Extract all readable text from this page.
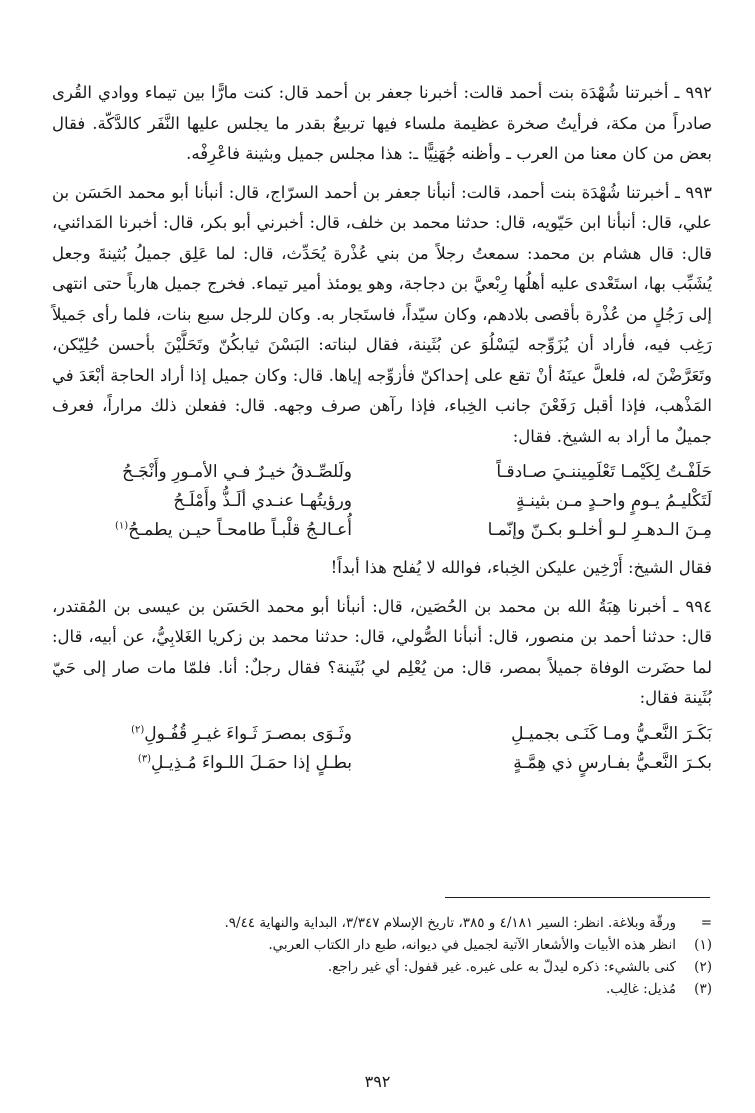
٩٩٢ ـ أخبرتنا شُهْدَة بنت أحمد قالت: أخبرنا جعفر بن أحمد قال: كنت مارًّا بين تيماء ووادي القُرى صادراً من مكة، فرأيتُ صخرة عظيمة ملساء فيها تربيعٌ بقدر ما يجلس عليها النَّفَر كالدَّكّة. فقال بعض من كان معنا من العرب ـ وأظنه جُهَنِيًّا ـ: هذا مجلس جميل وبثينة فاعْرِفْه.

٩٩٣ ـ أخبرتنا شُهْدَة بنت أحمد، قالت: أنبأنا جعفر بن أحمد السرّاج، قال: أنبأنا أبو محمد الحَسَن بن علي، قال: أنبأنا ابن حَيّويه، قال: حدثنا محمد بن خلف، قال: أخبرني أبو بكر، قال: أخبرنا المَدائني، قال: قال هشام بن محمد: سمعتُ رجلاً من بني عُذْرة يُحَدِّث، قال: لما عَلِق جميلُ بُثينةَ وجعل يُشَبِّب بها، استَعْدى عليه أهلُها رِبْعيَّ بن دجاجة، وهو يومئذ أمير تيماء. فخرج جميل هارباً حتى انتهى إلى رَجُلٍ من عُذْرة بأقصى بلادهم، وكان سيّداً، فاستَجار به. وكان للرجل سبع بنات، فلما رأى جَميلاً رَغِب فيه، فأراد أن يُزَوِّجه ليَسْلُوَ عن بُثَينة، فقال لبناته: البَسْنَ ثيابكُنّ وتَحَلَّيْنَ بأحسن حُلِيّكن، وتَعَرَّضْنَ له، فلعلَّ عينَهُ أنْ تقع على إحداكنّ فأزوِّجه إياها. قال: وكان جميل إذا أراد الحاجة أبْعَدَ في المَذْهب، فإذا أقبل رَفَعْنَ جانب الخِباء، فإذا رآهن صرف وجهه. قال: ففعلن ذلك مراراً، فعرف جميلٌ ما أراد به الشيخ. فقال:

حَلَفْـتُ لِكَيْمـا تَعْلَمِيننـيَ صـادقـاً
ولَلصِّـدقُ خيـرٌ فـي الأمـورِ وأَنْجَـحُ
لَتَكْليـمُ يـومٍ واحـدٍ مـن بثينـةٍ
ورؤيتُهـا عنـدي ألَـذُّ وأَمْلَـحُ
مِـنَ الـدهـرِ لـو أخلـو بكـنّ وإنّمـا
أُعـالـجُ قلْبـاً طامحـاً حيـن يطمـحُ$^{(١)}$

فقال الشيخ: أَرْخِين عليكن الخِباء، فوالله لا يُفلح هذا أبداً!

٩٩٤ ـ أخبرنا هِبَةُ الله بن محمد بن الحُصَين، قال: أنبأنا أبو محمد الحَسَن بن عيسى بن المُقتدر، قال: حدثنا أحمد بن منصور، قال: أنبأنا الصُّولي، قال: حدثنا محمد بن زكريا الغَلابِيُّ، عن أبيه، قال: لما حضَرت الوفاة جميلاً بمصر، قال: من يُعْلِم لي بُثَينة؟ فقال رجلٌ: أنا. فلمّا مات صار إلى حَيّ بُثَينة فقال:

بَكَـرَ النَّعـيُّ ومـا كَنَـى بجميـلِ
وثَـوَى بمصـرَ ثَـواءَ غيـرِ قُفُـولِ$^{(٢)}$
بكـرَ النَّعـيُّ بفـارسٍ ذي هِمَّـةٍ
بطـلٍ إذا حمَـلَ اللـواءَ مُـذِيـلِ$^{(٣)}$
=
ورقّة وبلاغة. انظر: السير ٤/١٨١ و ٣٨٥، تاريخ الإسلام ٣/٣٤٧، البداية والنهاية ٩/٤٤.
(١)
انظر هذه الأبيات والأشعار الآتية لجميل في ديوانه، طبع دار الكتاب العربي.
(٢)
كنى بالشيء: ذكره ليدلّ به على غيره. غير قفول: أي غير راجع.
(٣)
مُذيل: غالِب.
٣٩٢
